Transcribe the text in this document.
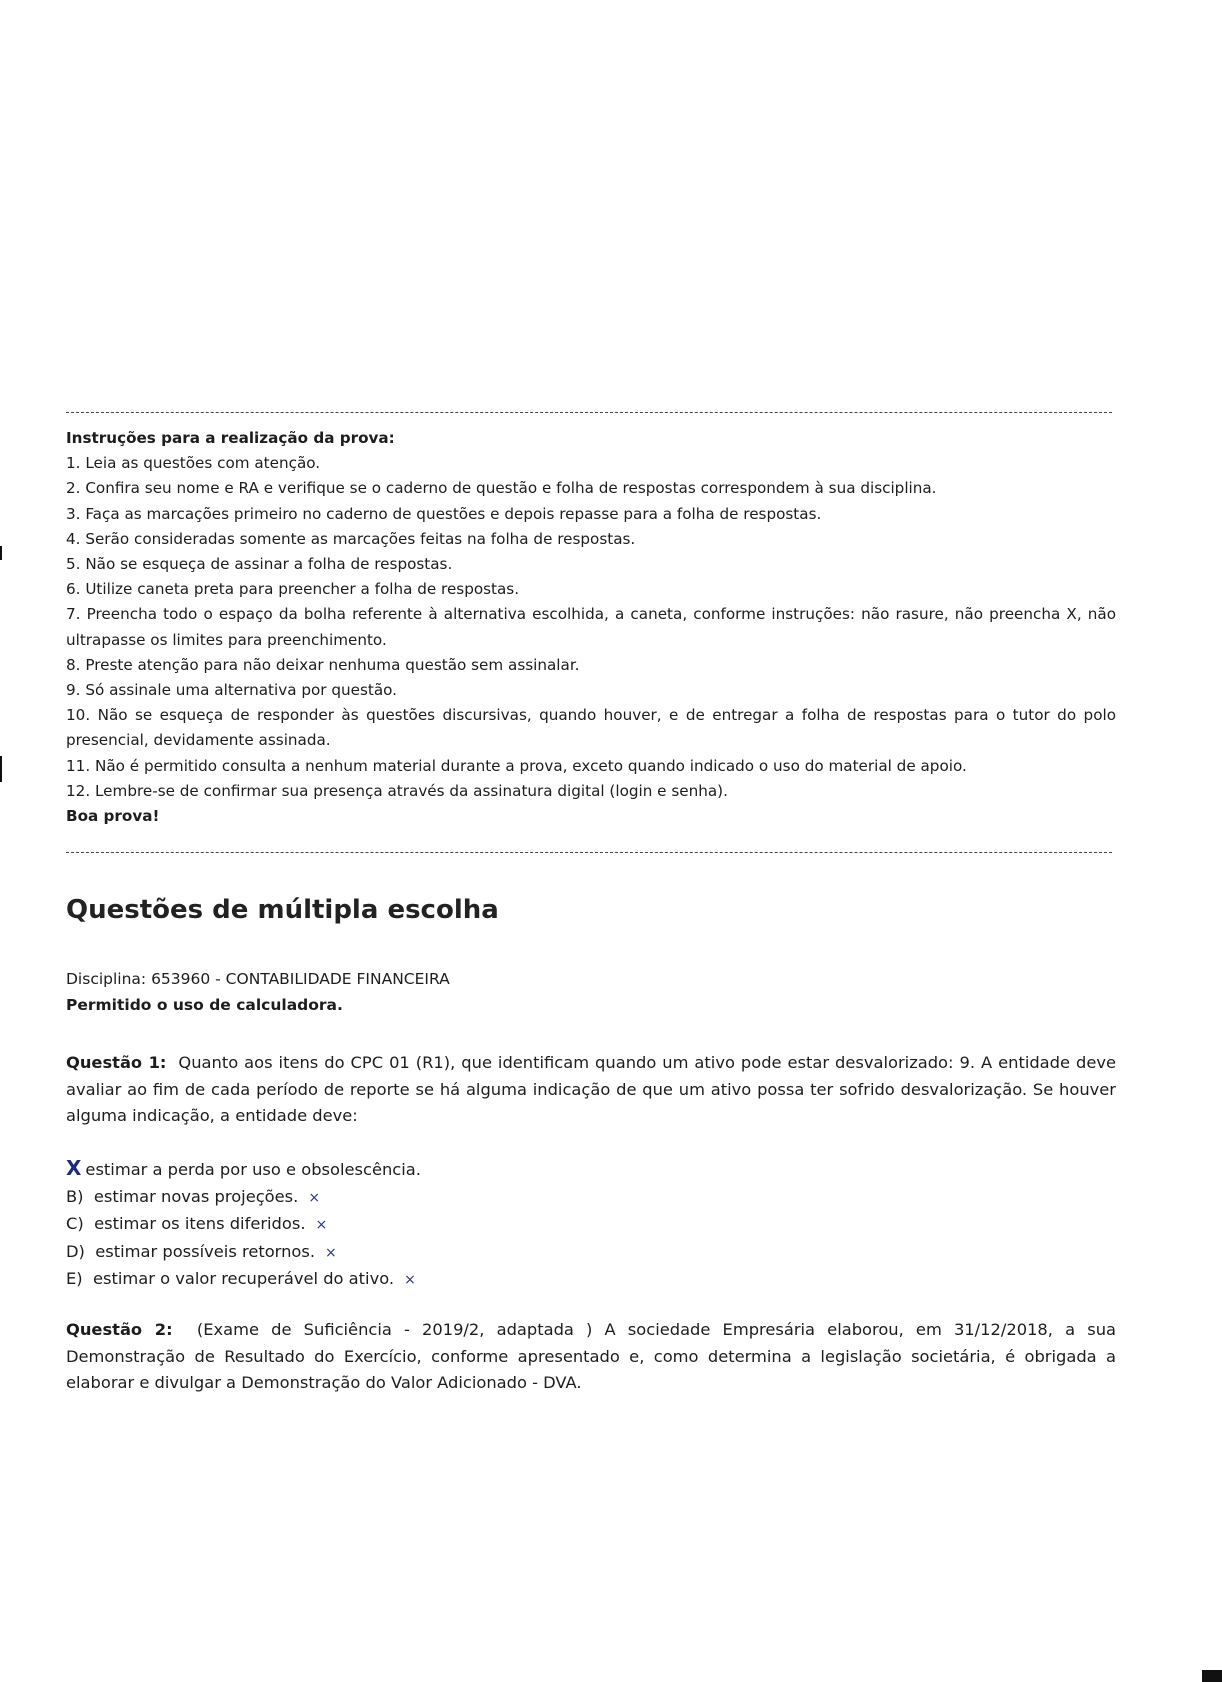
Instruções para a realização da prova:

1. Leia as questões com atenção.

2. Confira seu nome e RA e verifique se o caderno de questão e folha de respostas correspondem à sua disciplina.

3. Faça as marcações primeiro no caderno de questões e depois repasse para a folha de respostas.

4. Serão consideradas somente as marcações feitas na folha de respostas.

5. Não se esqueça de assinar a folha de respostas.

6. Utilize caneta preta para preencher a folha de respostas.

7. Preencha todo o espaço da bolha referente à alternativa escolhida, a caneta, conforme instruções: não rasure, não preencha X, não ultrapasse os limites para preenchimento.

8. Preste atenção para não deixar nenhuma questão sem assinalar.

9. Só assinale uma alternativa por questão.

10. Não se esqueça de responder às questões discursivas, quando houver, e de entregar a folha de respostas para o tutor do polo presencial, devidamente assinada.

11. Não é permitido consulta a nenhum material durante a prova, exceto quando indicado o uso do material de apoio.

12. Lembre-se de confirmar sua presença através da assinatura digital (login e senha).

Boa prova!

Questões de múltipla escolha
Disciplina: 653960 - CONTABILIDADE FINANCEIRA
Permitido o uso de calculadora.

Questão 1: Quanto aos itens do CPC 01 (R1), que identificam quando um ativo pode estar desvalorizado: 9. A entidade deve avaliar ao fim de cada período de reporte se há alguma indicação de que um ativo possa ter sofrido desvalorização. Se houver alguma indicação, a entidade deve:

X estimar a perda por uso e obsolescência.
B) estimar novas projeções. ×
C) estimar os itens diferidos. ×
D) estimar possíveis retornos. ×
E) estimar o valor recuperável do ativo. ×

Questão 2: (Exame de Suficiência - 2019/2, adaptada ) A sociedade Empresária elaborou, em 31/12/2018, a sua Demonstração de Resultado do Exercício, conforme apresentado e, como determina a legislação societária, é obrigada a elaborar e divulgar a Demonstração do Valor Adicionado - DVA.
